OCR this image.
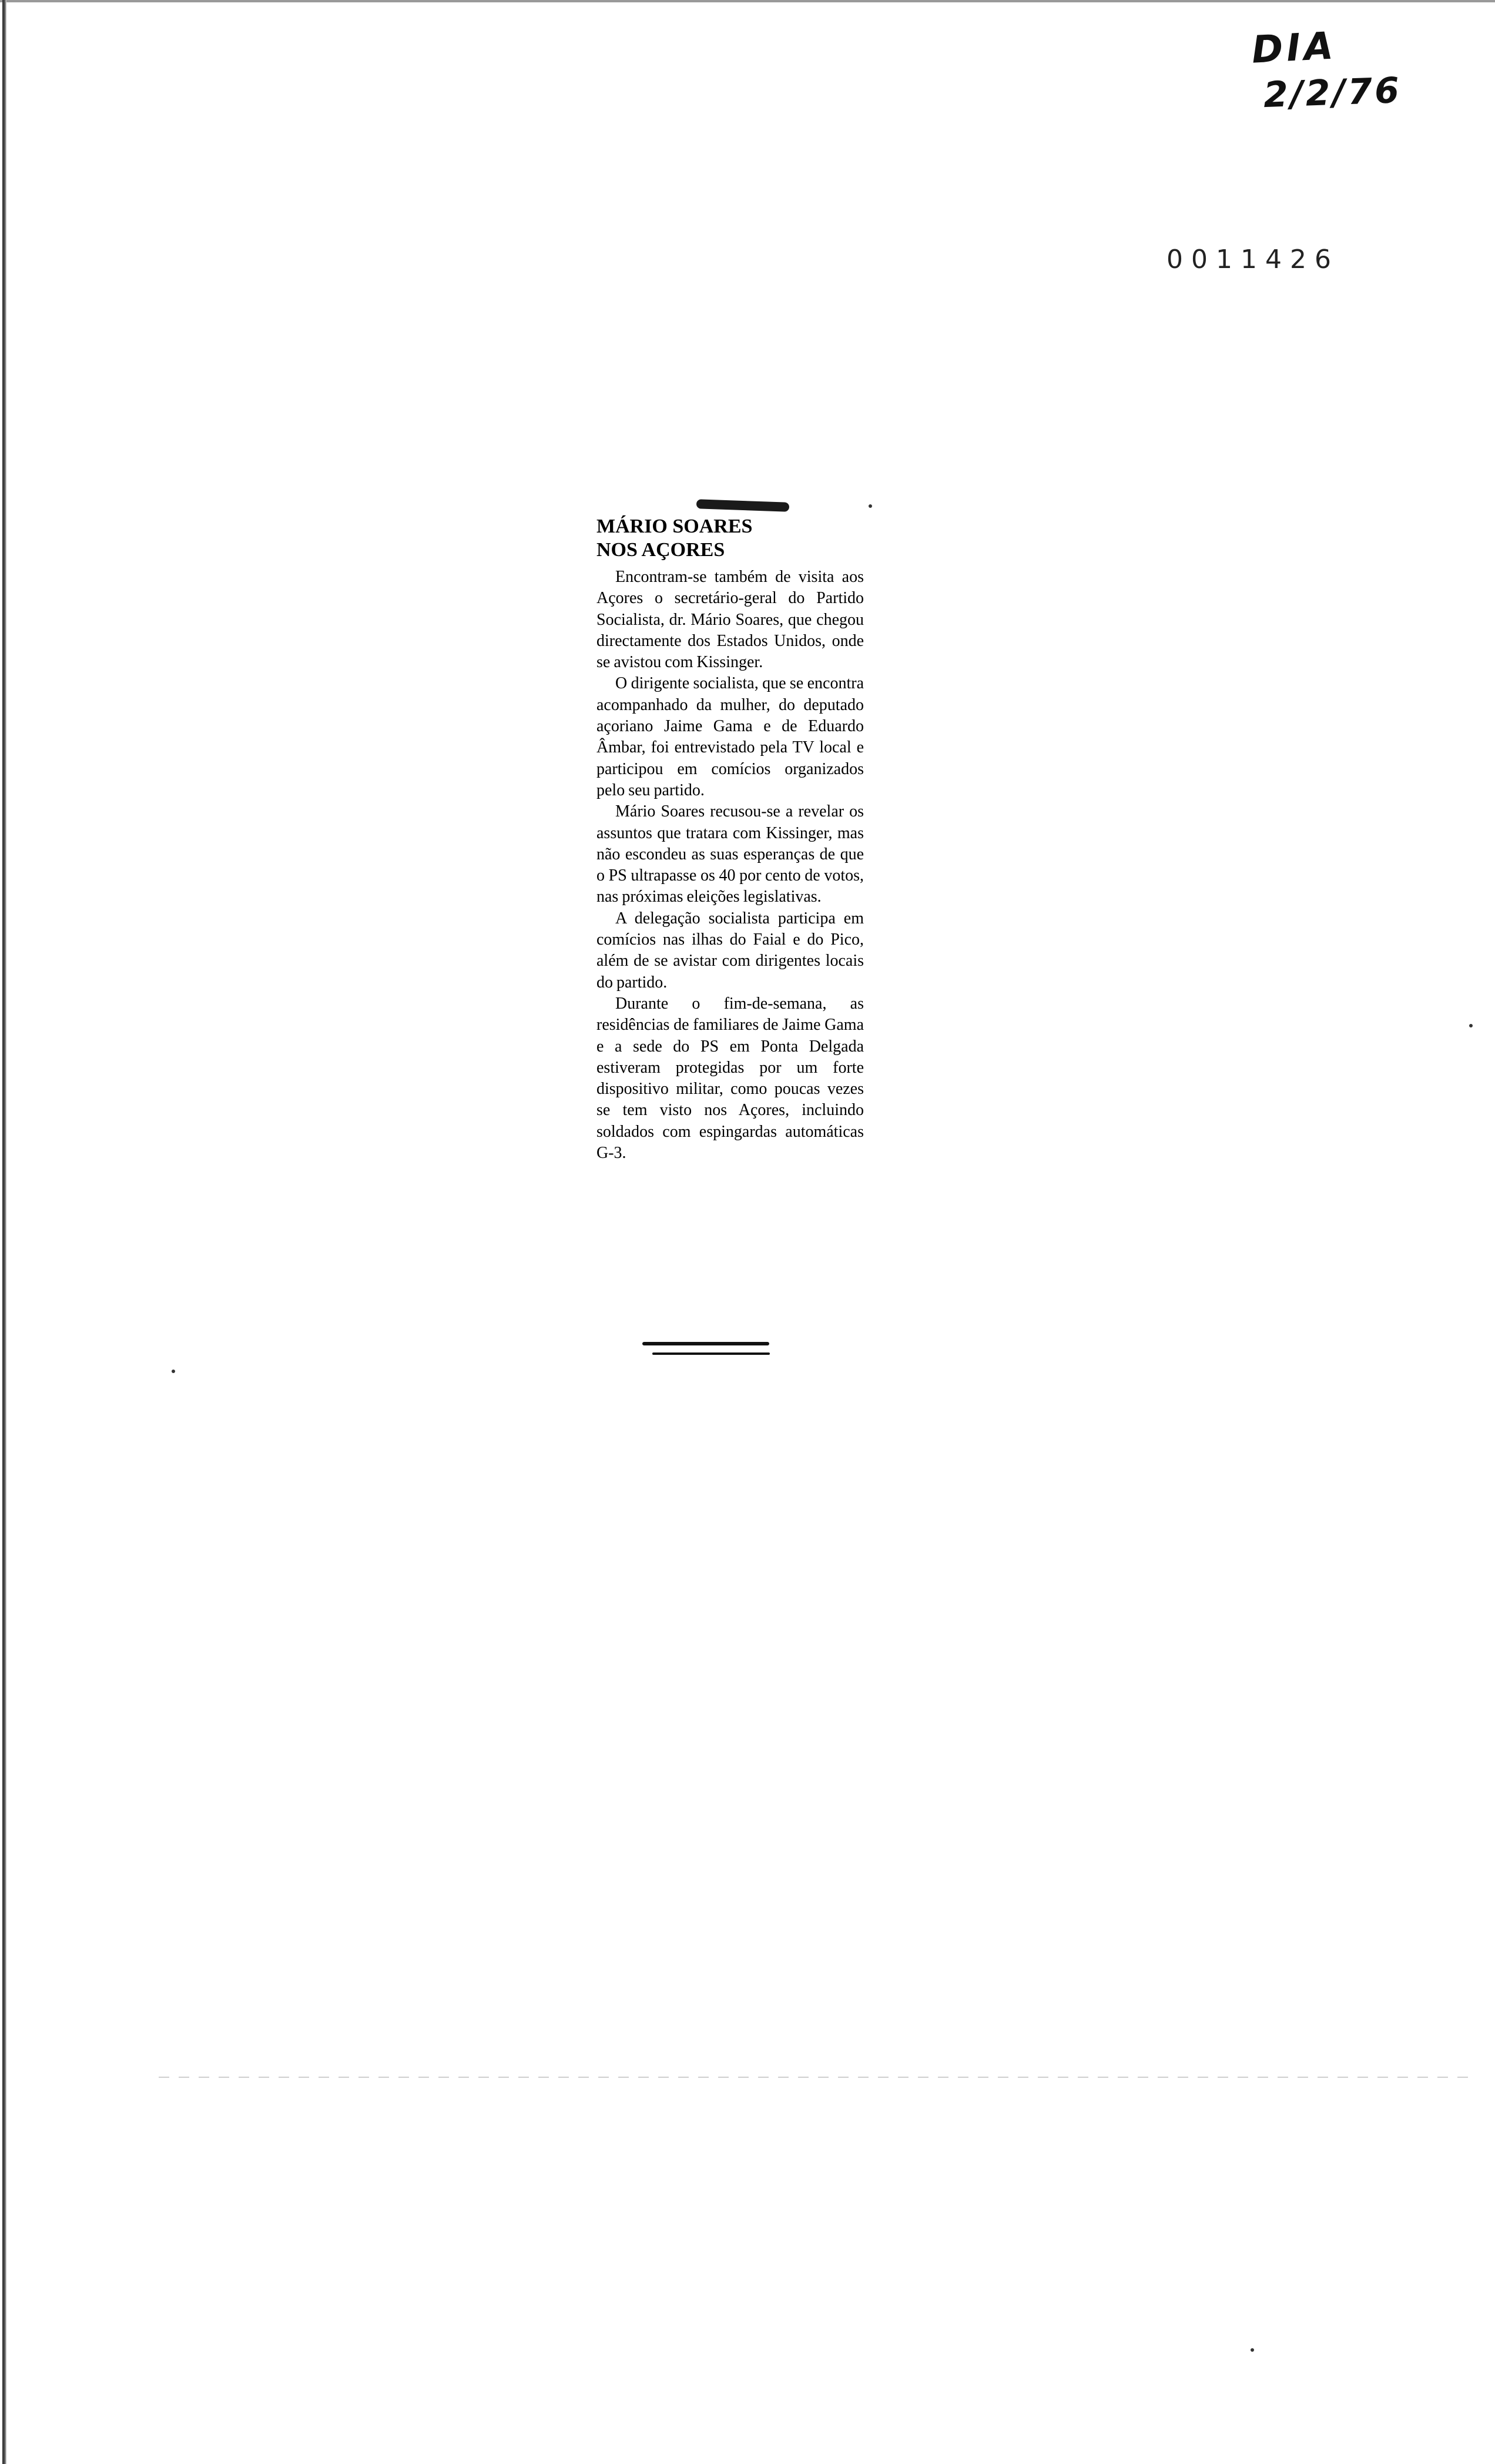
DIA
2/2/76
0011426
MÁRIO SOARES
NOS AÇORES

Encontram-se também de visita aos Açores o secretário-geral do Partido Socialista, dr. Mário Soares, que chegou directamente dos Estados Unidos, onde se avistou com Kissinger.

O dirigente socialista, que se encontra acompanhado da mulher, do deputado açoriano Jaime Gama e de Eduardo Âmbar, foi entrevistado pela TV local e participou em comícios organizados pelo seu partido.

Mário Soares recusou-se a revelar os assuntos que tratara com Kissinger, mas não escondeu as suas esperanças de que o PS ultrapasse os 40 por cento de votos, nas próximas eleições legislativas.

A delegação socialista participa em comícios nas ilhas do Faial e do Pico, além de se avistar com dirigentes locais do partido.

Durante o fim-de-semana, as residências de familiares de Jaime Gama e a sede do PS em Ponta Delgada estiveram protegidas por um forte dispositivo militar, como poucas vezes se tem visto nos Açores, incluindo soldados com espingardas automáticas G-3.
